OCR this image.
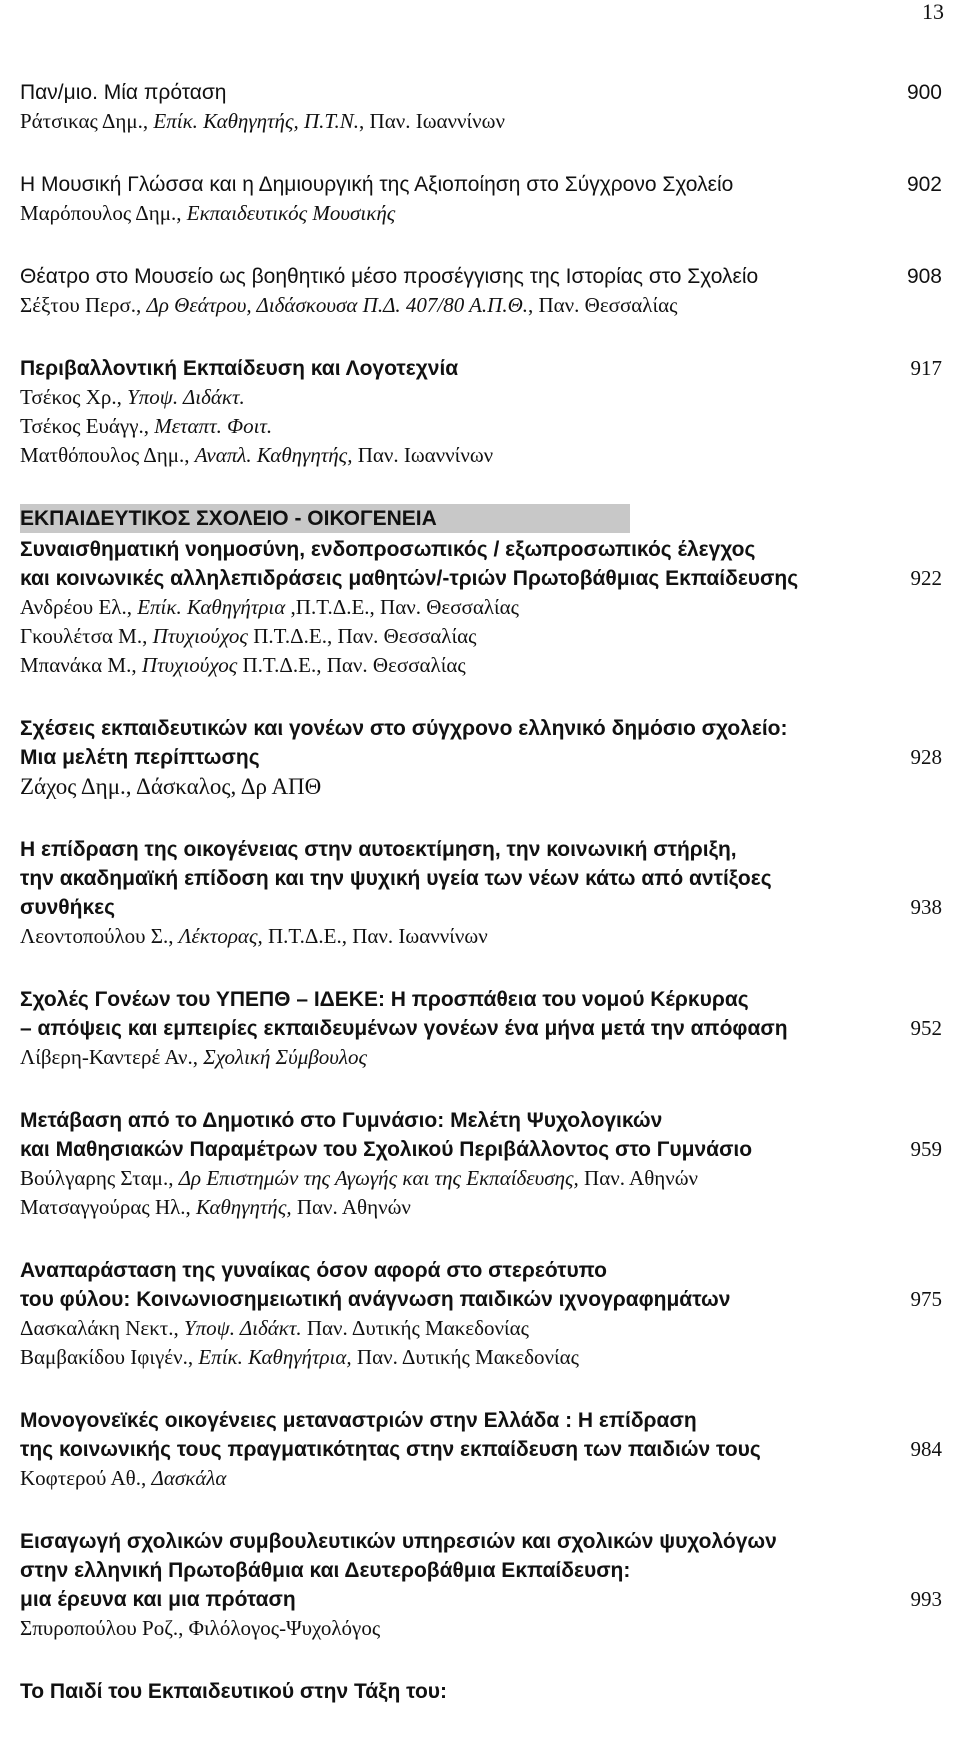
13
Παν/μιο. Μία πρόταση	900
Ράτσικας Δημ., Επίκ. Καθηγητής, Π.Τ.Ν., Παν. Ιωαννίνων
Η Μουσική Γλώσσα και η Δημιουργική της Αξιοποίηση στο Σύγχρονο Σχολείο	902
Μαρόπουλος Δημ., Εκπαιδευτικός Μουσικής
Θέατρο στο Μουσείο ως βοηθητικό μέσο προσέγγισης της Ιστορίας στο Σχολείο	908
Σέξτου Περσ., Δρ Θεάτρου, Διδάσκουσα Π.Δ. 407/80 Α.Π.Θ., Παν. Θεσσαλίας
Περιβαλλοντική Εκπαίδευση και Λογοτεχνία	917
Τσέκος Χρ., Υποψ. Διδάκτ.
Τσέκος Ευάγγ., Μεταπτ. Φοιτ.
Ματθόπουλος Δημ., Αναπλ. Καθηγητής, Παν. Ιωαννίνων
ΕΚΠΑΙΔΕΥΤΙΚΟΣ ΣΧΟΛΕΙΟ - ΟΙΚΟΓΕΝΕΙΑ
Συναισθηματική νοημοσύνη, ενδοπροσωπικός / εξωπροσωπικός έλεγχος
και κοινωνικές αλληλεπιδράσεις μαθητών/-τριών Πρωτοβάθμιας Εκπαίδευσης	922
Ανδρέου Ελ., Επίκ. Καθηγήτρια ,Π.Τ.Δ.Ε., Παν. Θεσσαλίας
Γκουλέτσα Μ., Πτυχιούχος Π.Τ.Δ.Ε., Παν. Θεσσαλίας
Μπανάκα Μ., Πτυχιούχος Π.Τ.Δ.Ε., Παν. Θεσσαλίας
Σχέσεις εκπαιδευτικών και γονέων στο σύγχρονο ελληνικό δημόσιο σχολείο:
Μια μελέτη περίπτωσης	928
Ζάχος Δημ., Δάσκαλος, Δρ ΑΠΘ
Η επίδραση της οικογένειας στην αυτοεκτίμηση, την κοινωνική στήριξη,
την ακαδημαϊκή επίδοση και την ψυχική υγεία των νέων κάτω από αντίξοες
συνθήκες	938
Λεοντοπούλου Σ., Λέκτορας, Π.Τ.Δ.Ε., Παν. Ιωαννίνων
Σχολές Γονέων του ΥΠΕΠΘ – ΙΔΕΚΕ: Η προσπάθεια του νομού Κέρκυρας
– απόψεις και εμπειρίες εκπαιδευμένων γονέων ένα μήνα μετά την απόφαση	952
Λίβερη-Καντερέ Αν., Σχολική Σύμβουλος
Μετάβαση από το Δημοτικό στο Γυμνάσιο: Μελέτη Ψυχολογικών
και Μαθησιακών Παραμέτρων του Σχολικού Περιβάλλοντος στο Γυμνάσιο	959
Βούλγαρης Σταμ., Δρ Επιστημών της Αγωγής και της Εκπαίδευσης, Παν. Αθηνών
Ματσαγγούρας Ηλ., Καθηγητής, Παν. Αθηνών
Αναπαράσταση της γυναίκας όσον αφορά στο στερεότυπο
του φύλου: Κοινωνιοσημειωτική ανάγνωση παιδικών ιχνογραφημάτων	975
Δασκαλάκη Νεκτ., Υποψ. Διδάκτ. Παν. Δυτικής Μακεδονίας
Βαμβακίδου Ιφιγέν., Επίκ. Καθηγήτρια, Παν. Δυτικής Μακεδονίας
Μονογονεϊκές οικογένειες μεταναστριών στην Ελλάδα : Η επίδραση
της κοινωνικής τους πραγματικότητας στην εκπαίδευση των παιδιών τους	984
Κοφτερού Αθ., Δασκάλα
Εισαγωγή σχολικών συμβουλευτικών υπηρεσιών και σχολικών ψυχολόγων
στην ελληνική Πρωτοβάθμια και Δευτεροβάθμια Εκπαίδευση:
μια έρευνα και μια πρόταση	993
Σπυροπούλου Ροζ., Φιλόλογος-Ψυχολόγος
Το Παιδί του Εκπαιδευτικού στην Τάξη του:
